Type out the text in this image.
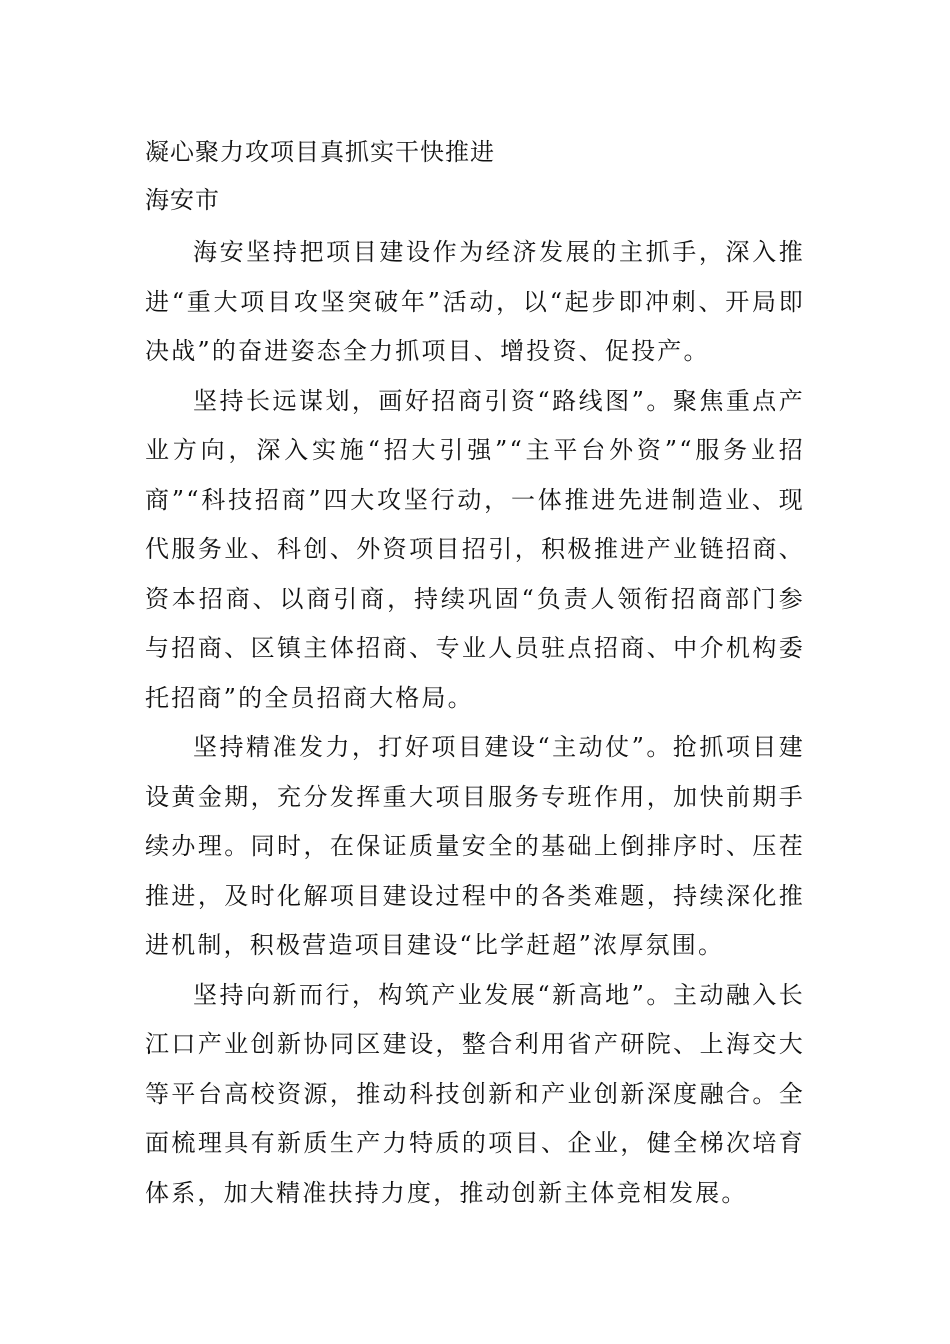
凝心聚力攻项目真抓实干快推进
海安市

海安坚持把项目建设作为经济发展的主抓手，深入推进“重大项目攻坚突破年”活动，以“起步即冲刺、开局即决战”的奋进姿态全力抓项目、增投资、促投产。

坚持长远谋划，画好招商引资“路线图”。聚焦重点产业方向，深入实施“招大引强”“主平台外资”“服务业招商”“科技招商”四大攻坚行动，一体推进先进制造业、现代服务业、科创、外资项目招引，积极推进产业链招商、资本招商、以商引商，持续巩固“负责人领衔招商部门参与招商、区镇主体招商、专业人员驻点招商、中介机构委托招商”的全员招商大格局。

坚持精准发力，打好项目建设“主动仗”。抢抓项目建设黄金期，充分发挥重大项目服务专班作用，加快前期手续办理。同时，在保证质量安全的基础上倒排序时、压茬推进，及时化解项目建设过程中的各类难题，持续深化推进机制，积极营造项目建设“比学赶超”浓厚氛围。

坚持向新而行，构筑产业发展“新高地”。主动融入长江口产业创新协同区建设，整合利用省产研院、上海交大等平台高校资源，推动科技创新和产业创新深度融合。全面梳理具有新质生产力特质的项目、企业，健全梯次培育体系，加大精准扶持力度，推动创新主体竞相发展。
